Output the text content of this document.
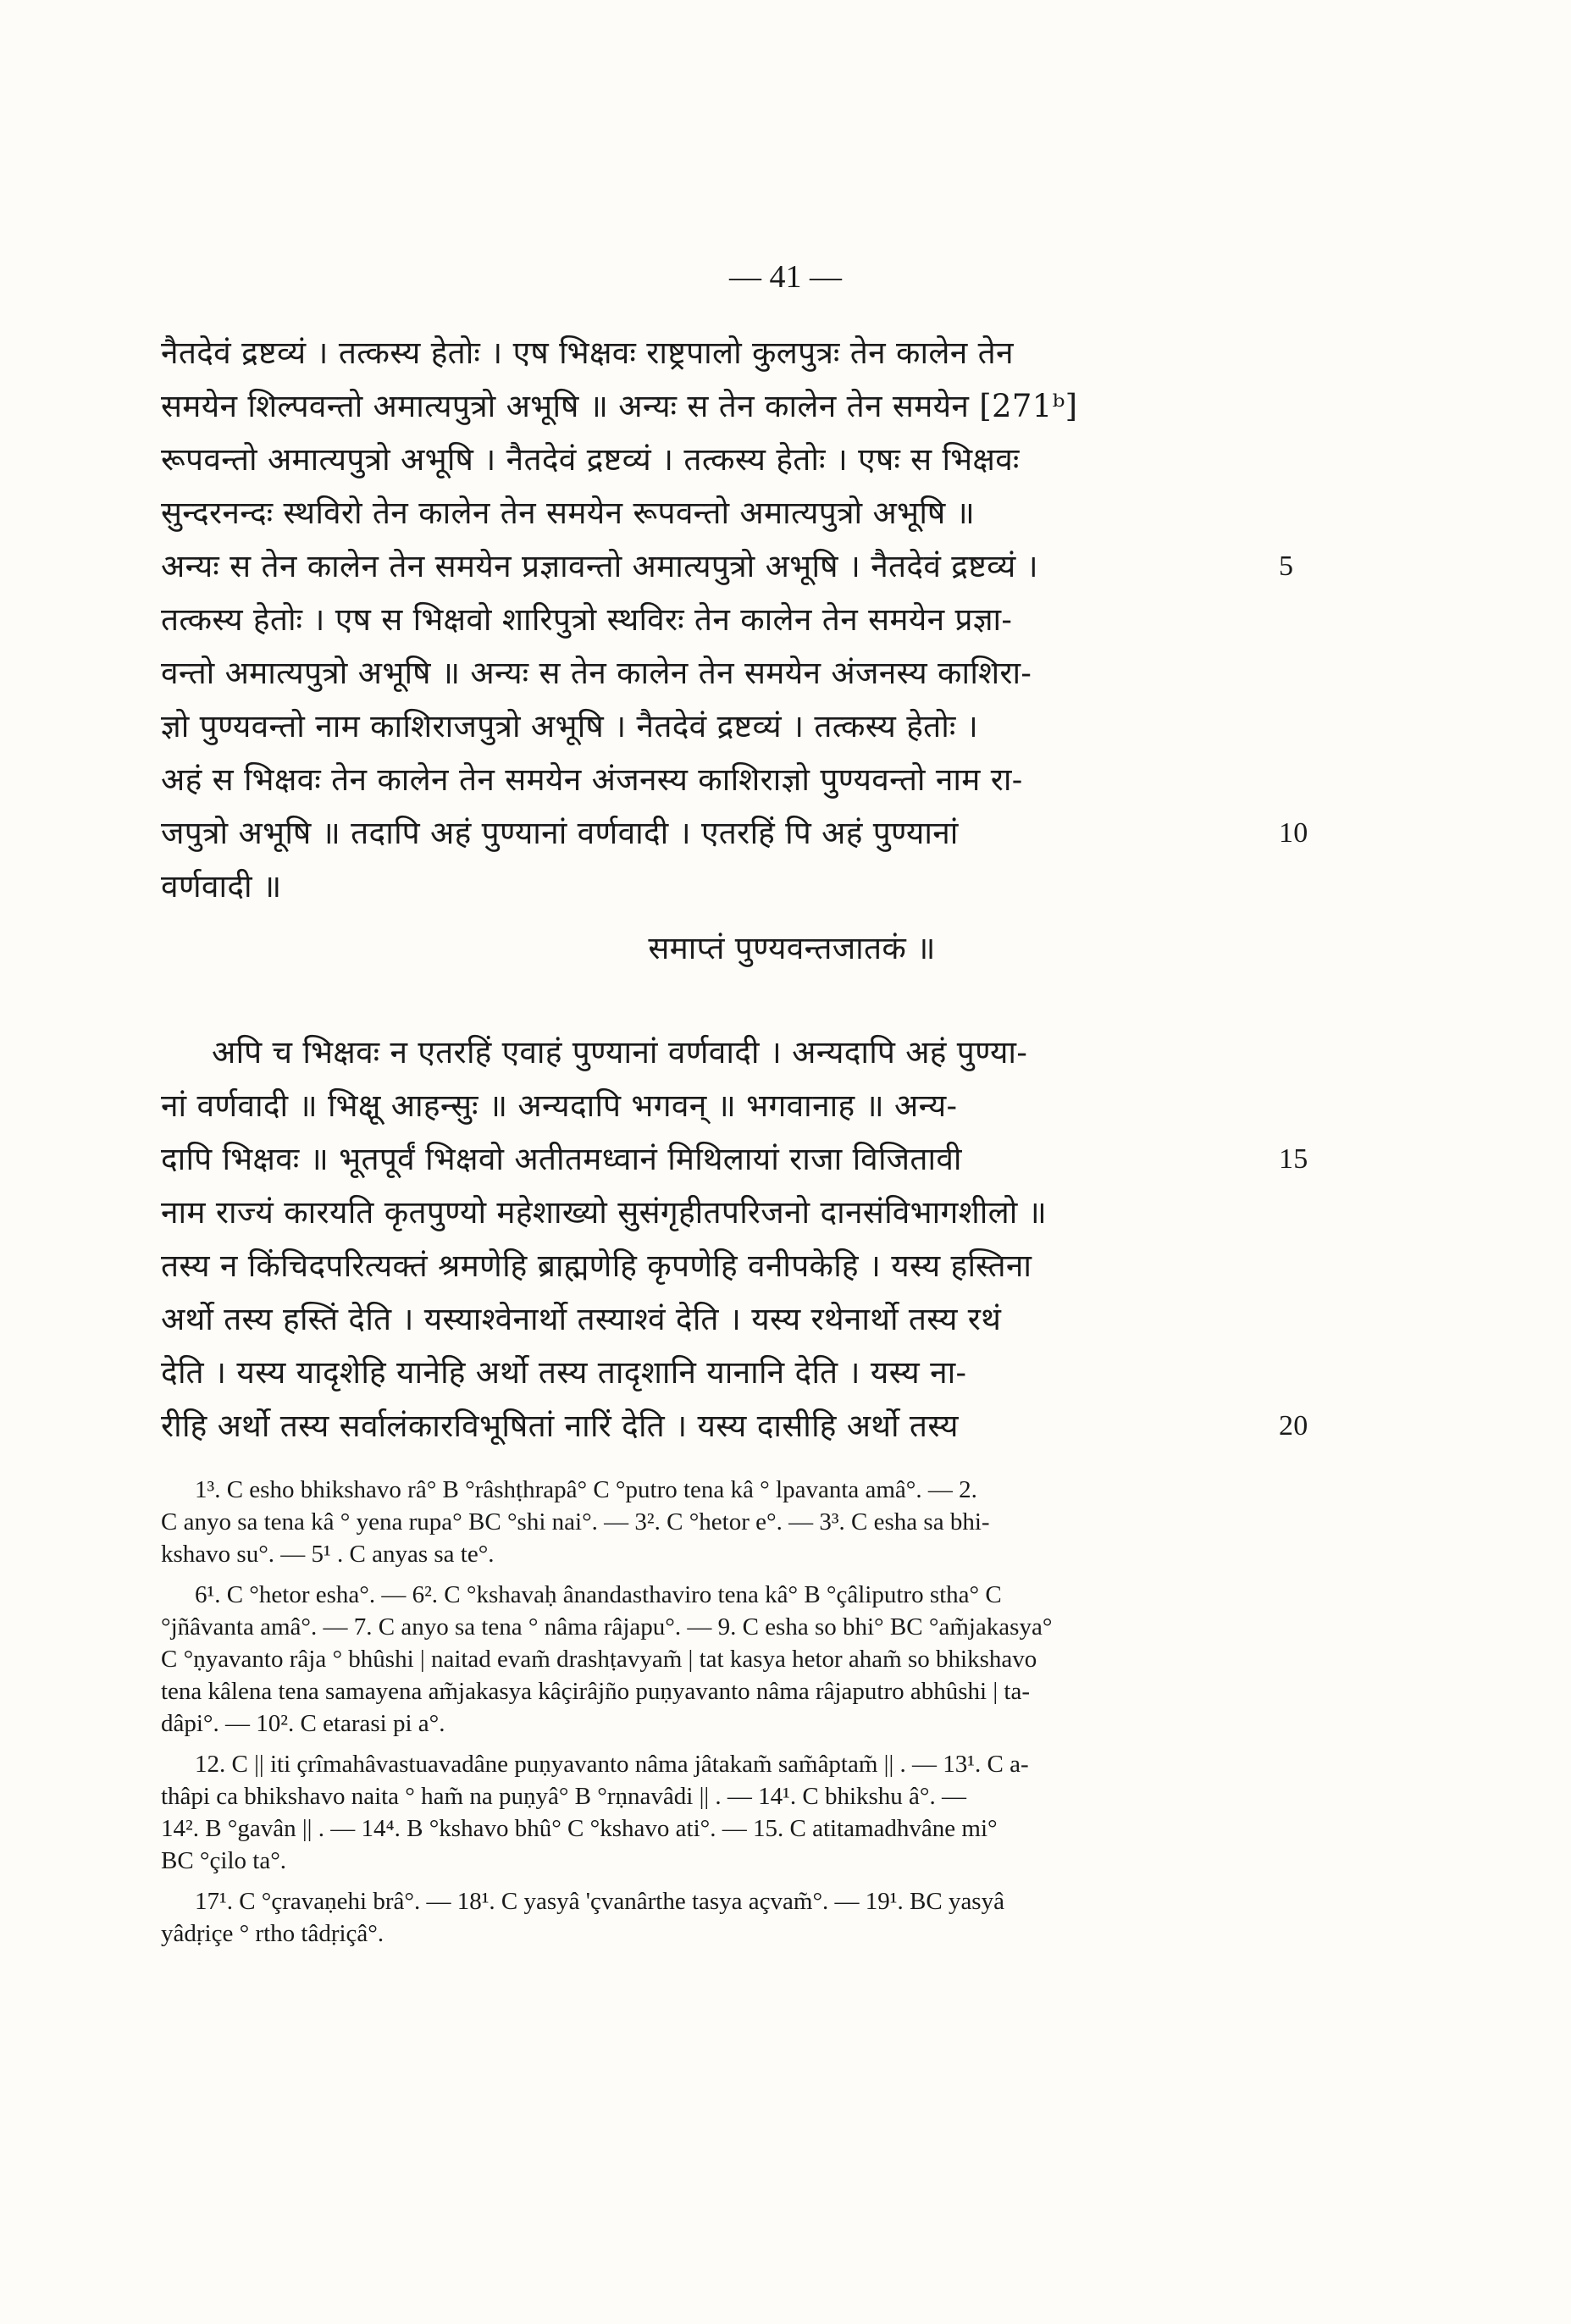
— 41 —
नैतदेवं द्रष्टव्यं । तत्कस्य हेतोः । एष भिक्षवः राष्ट्रपालो कुलपुत्रः तेन कालेन तेन
समयेन शिल्पवन्तो अमात्यपुत्रो अभूषि ॥ अन्यः स तेन कालेन तेन समयेन [271ᵇ]
रूपवन्तो अमात्यपुत्रो अभूषि । नैतदेवं द्रष्टव्यं । तत्कस्य हेतोः । एषः स भिक्षवः
सुन्दरनन्दः स्थविरो तेन कालेन तेन समयेन रूपवन्तो अमात्यपुत्रो अभूषि ॥
अन्यः स तेन कालेन तेन समयेन प्रज्ञावन्तो अमात्यपुत्रो अभूषि । नैतदेवं द्रष्टव्यं ।	5
तत्कस्य हेतोः । एष स भिक्षवो शारिपुत्रो स्थविरः तेन कालेन तेन समयेन प्रज्ञा-
वन्तो अमात्यपुत्रो अभूषि ॥ अन्यः स तेन कालेन तेन समयेन अंजनस्य काशिरा-
ज्ञो पुण्यवन्तो नाम काशिराजपुत्रो अभूषि । नैतदेवं द्रष्टव्यं । तत्कस्य हेतोः ।
अहं स भिक्षवः तेन कालेन तेन समयेन अंजनस्य काशिराज्ञो पुण्यवन्तो नाम रा-
जपुत्रो अभूषि ॥ तदापि अहं पुण्यानां वर्णवादी । एतरहिं पि अहं पुण्यानां	10
वर्णवादी ॥
समाप्तं पुण्यवन्तजातकं ॥
अपि च भिक्षवः न एतरहिं एवाहं पुण्यानां वर्णवादी । अन्यदापि अहं पुण्या-
नां वर्णवादी ॥ भिक्षू आहन्सुः ॥ अन्यदापि भगवन् ॥ भगवानाह ॥ अन्य-
दापि भिक्षवः ॥ भूतपूर्वं भिक्षवो अतीतमध्वानं मिथिलायां राजा विजितावी	15
नाम राज्यं कारयति कृतपुण्यो महेशाख्यो सुसंगृहीतपरिजनो दानसंविभागशीलो ॥
तस्य न किंचिदपरित्यक्तं श्रमणेहि ब्राह्मणेहि कृपणेहि वनीपकेहि । यस्य हस्तिना
अर्थो तस्य हस्तिं देति । यस्याश्वेनार्थो तस्याश्वं देति । यस्य रथेनार्थो तस्य रथं
देति । यस्य यादृशेहि यानेहि अर्थो तस्य तादृशानि यानानि देति । यस्य ना-
रीहि अर्थो तस्य सर्वालंकारविभूषितां नारिं देति । यस्य दासीहि अर्थो तस्य	20
1³. C esho bhikshavo râ° B °râshṭhrapâ° C °putro tena kâ ° lpavanta amâ°. — 2.
C anyo sa tena kâ ° yena rupa° BC °shi nai°. — 3². C °hetor e°. — 3³. C esha sa bhi-
kshavo su°. — 5¹ . C anyas sa te°.
6¹. C °hetor esha°. — 6². C °kshavaḥ ânandasthaviro tena kâ° B °çâliputro stha° C
°jñâvanta amâ°. — 7. C anyo sa tena ° nâma râjapu°. — 9. C esha so bhi° BC °am̃jakasya°
C °ṇyavanto râja ° bhûshi | naitad evam̃ drashṭavyam̃ | tat kasya hetor aham̃ so bhikshavo
tena kâlena tena samayena am̃jakasya kâçirâjño puṇyavanto nâma râjaputro abhûshi | ta-
dâpi°. — 10². C etarasi pi a°.
12. C || iti çrîmahâvastuavadâne puṇyavanto nâma jâtakam̃ sam̃âptam̃ || . — 13¹. C a-
thâpi ca bhikshavo naita ° ham̃ na puṇyâ° B °rṇnavâdi || . — 14¹. C bhikshu â°. —
14². B °gavân || . — 14⁴. B °kshavo bhû° C °kshavo ati°. — 15. C atitamadhvâne mi°
BC °çilo ta°.
17¹. C °çravaṇehi brâ°. — 18¹. C yasyâ 'çvanârthe tasya açvam̃°. — 19¹. BC yasyâ
yâdṛiçe ° rtho tâdṛiçâ°.
